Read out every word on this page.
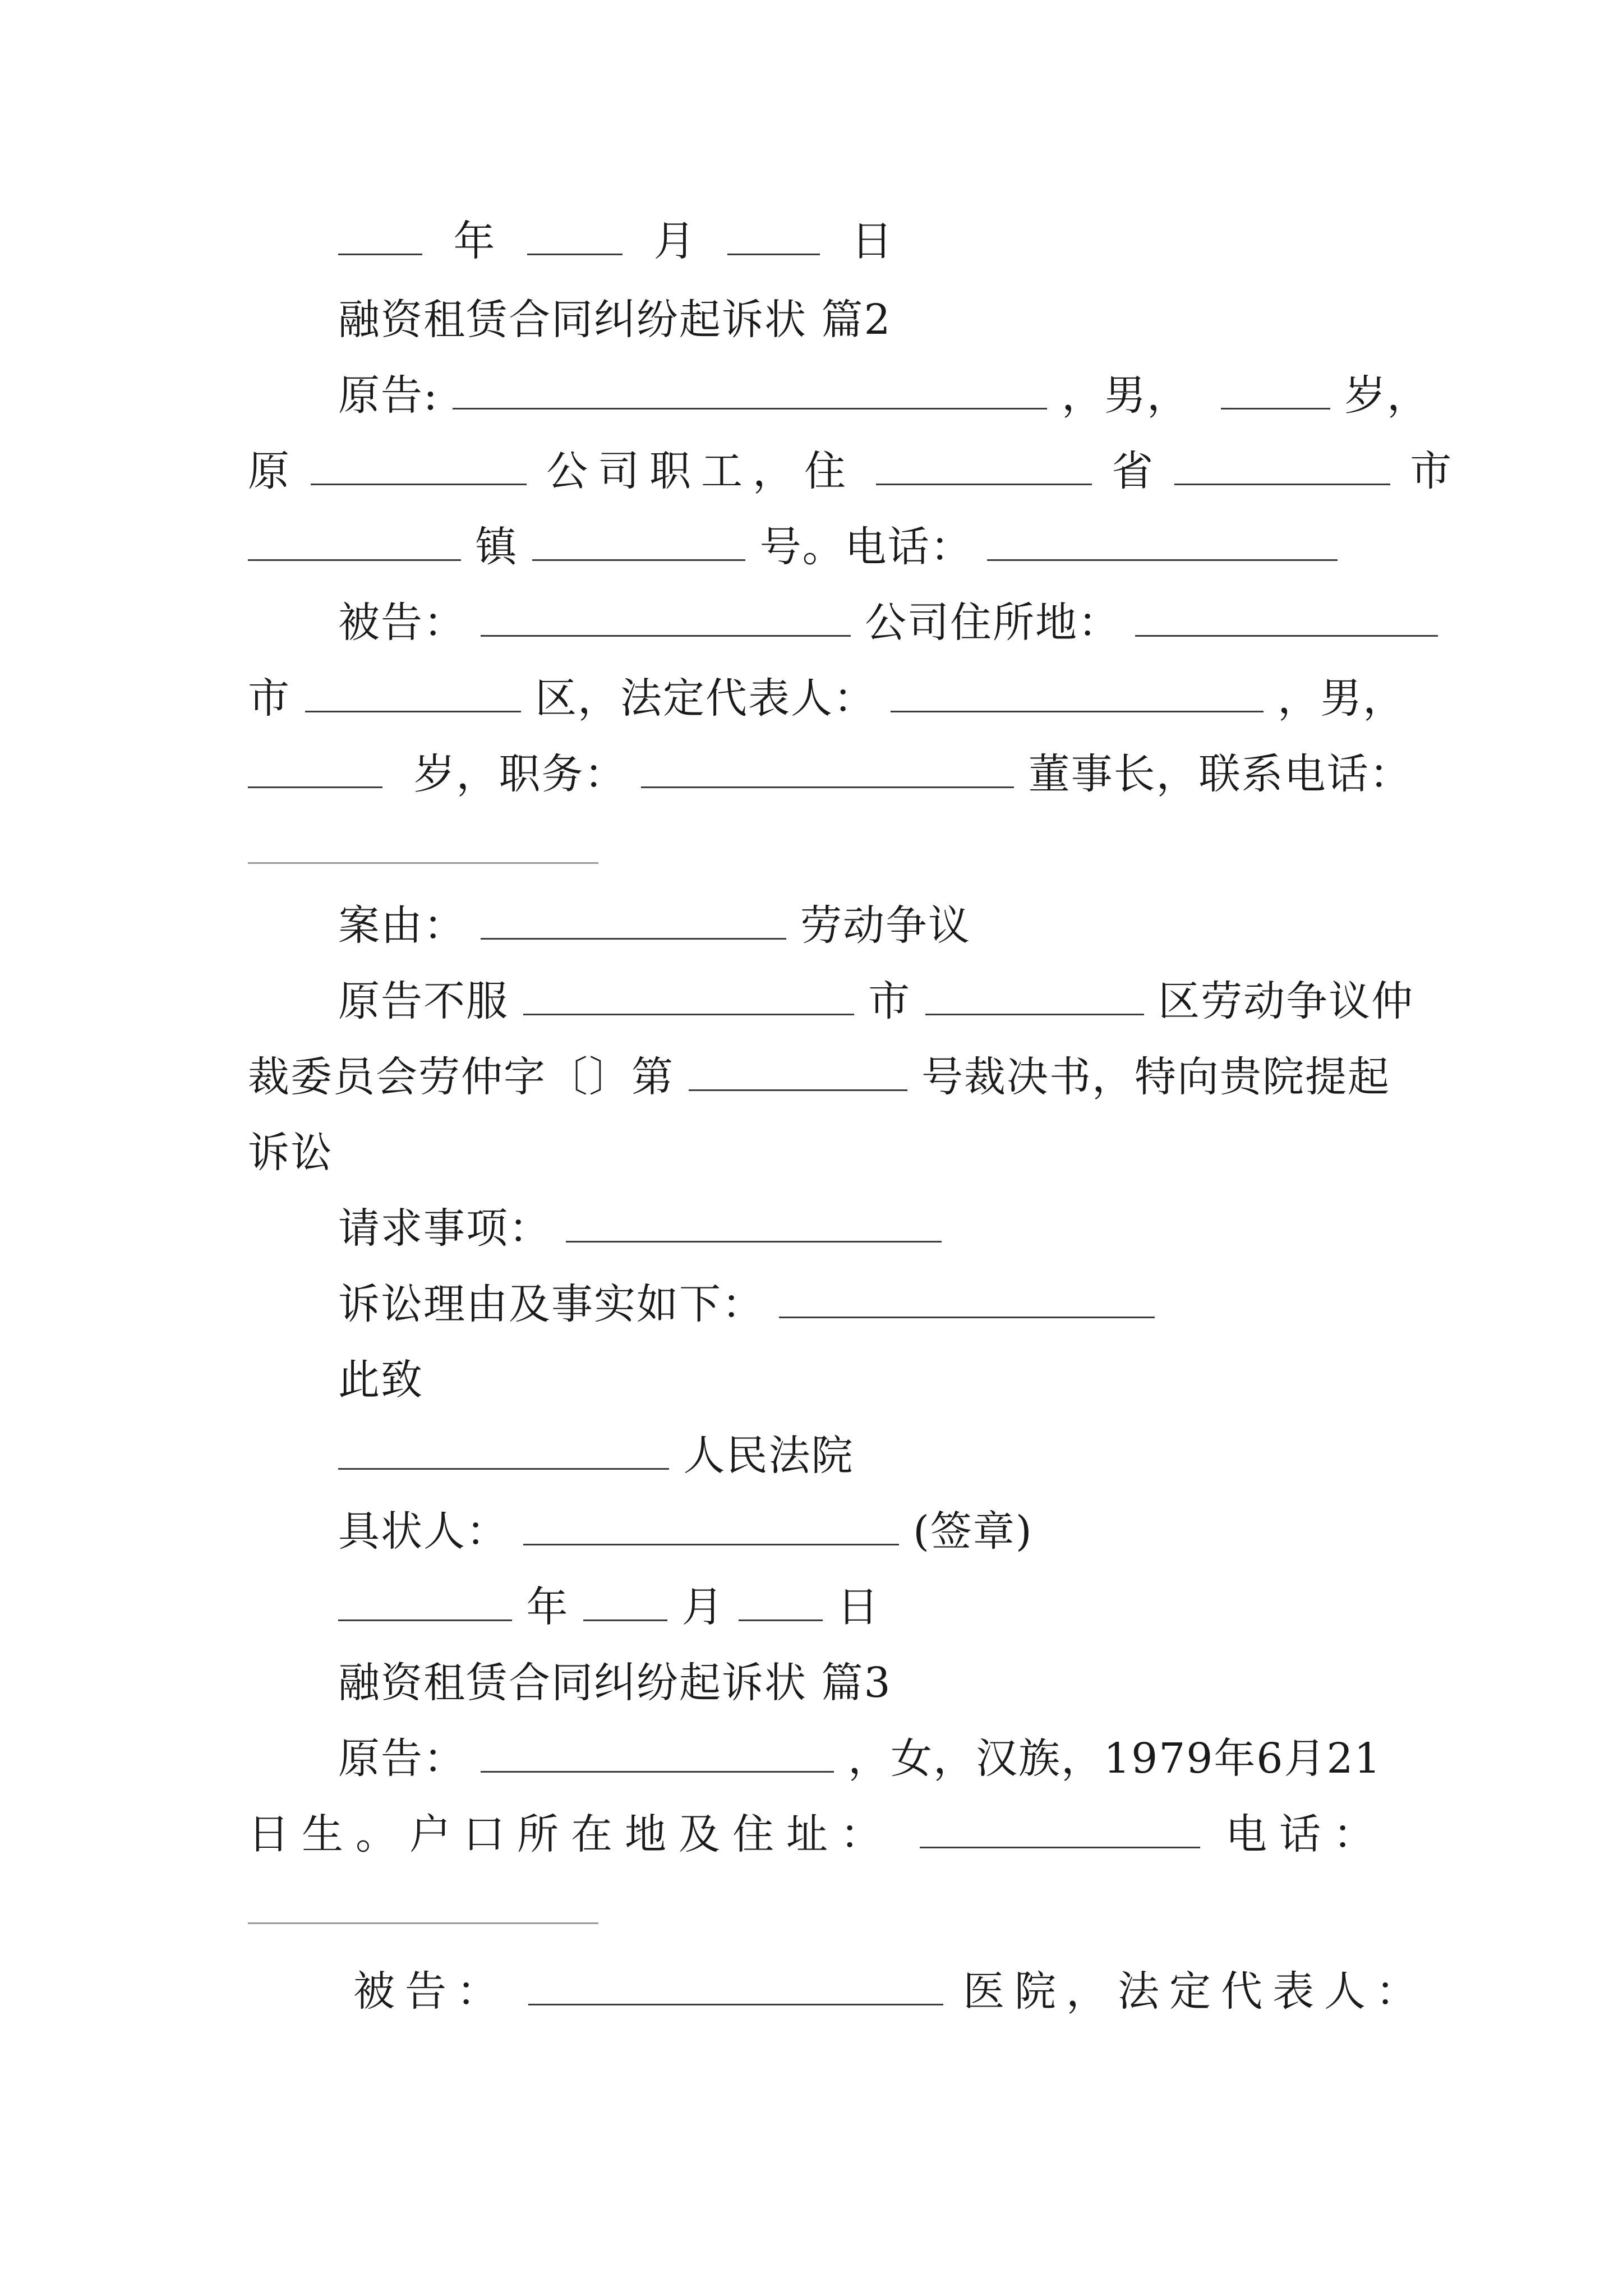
年	月	日
融资租赁合同纠纷起诉状 篇2
原告:	，男，	岁，
原	公司职工，住	省	市
镇	号。电话：
被告：	公司住所地：
市	区，法定代表人：	，男，
岁，职务：	董事长，联系电话：
案由：	劳动争议
原告不服	市	区劳动争议仲
裁委员会劳仲字〔〕第	号裁决书，特向贵院提起
诉讼
请求事项：
诉讼理由及事实如下：
此致
人民法院
具状人：	(签章)
年	月	日
融资租赁合同纠纷起诉状 篇3
原告：	，女，汉族，1979年6月21
日生。户口所在地及住址：	电话：
被告：	医院，法定代表人：
